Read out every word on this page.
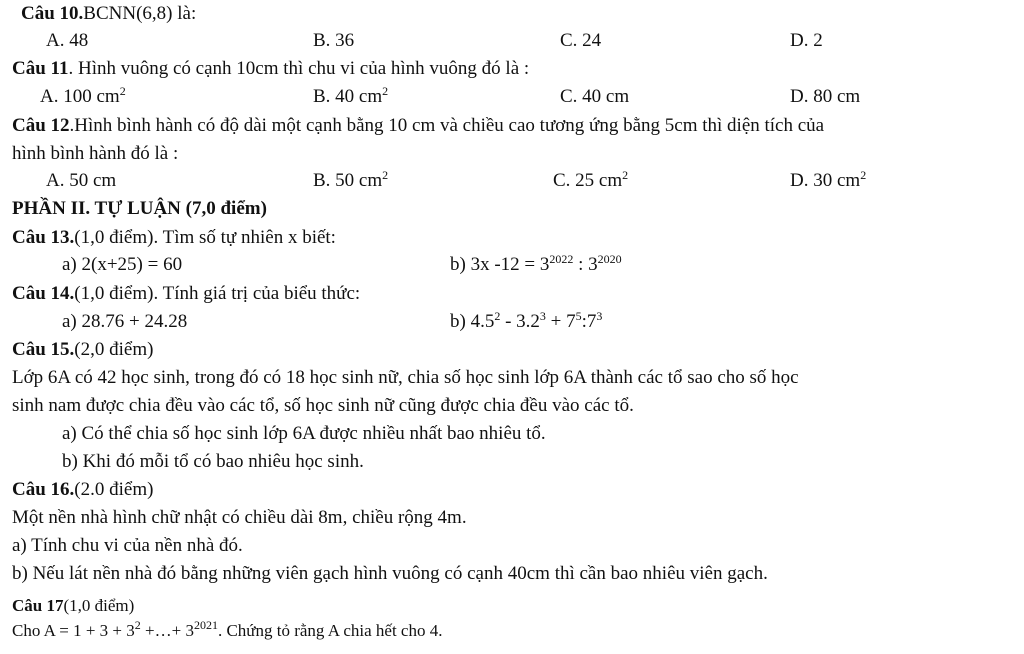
Câu 10.BCNN(6,8) là:
A. 48	B. 36	C. 24	D. 2
Câu 11. Hình vuông có cạnh 10cm thì chu vi của hình vuông đó là :
A. 100 $cm^2$	B. 40 $cm^2$	C. 40 cm	D. 80 cm
Câu 12.Hình bình hành có độ dài một cạnh bằng 10 cm và chiều cao tương ứng bằng 5cm thì diện tích của
hình bình hành đó là :
A. 50 cm	B. 50 $cm^2$	C. 25 $cm^2$	D. 30 $cm^2$
PHẦN II. TỰ LUẬN (7,0 điểm)
Câu 13.(1,0 điểm). Tìm số tự nhiên x biết:
a) 2(x+25) = 60	b) 3x $-12 = 3^{2022}$ : $3^{2020}$
Câu 14.(1,0 điểm). Tính giá trị của biểu thức:
a) 28.76 + 24.28	b) $4.5^2 - 3.2^3$ + $7^5:7^3$
Câu 15.(2,0 điểm)
Lớp 6A có 42 học sinh, trong đó có 18 học sinh nữ, chia số học sinh lớp 6A thành các tổ sao cho số học
sinh nam được chia đều vào các tổ, số học sinh nữ cũng được chia đều vào các tổ.
a) Có thể chia số học sinh lớp 6A được nhiều nhất bao nhiêu tổ.
b) Khi đó mỗi tổ có bao nhiêu học sinh.
Câu 16.(2.0 điểm)
Một nền nhà hình chữ nhật có chiều dài 8m, chiều rộng 4m.
a) Tính chu vi của nền nhà đó.
b) Nếu lát nền nhà đó bằng những viên gạch hình vuông có cạnh 40cm thì cần bao nhiêu viên gạch.
Câu 17(1,0 điểm)
Cho $A = 1 + 3 + 3^2$ +…+ $3^{2021}$. Chứng tỏ rằng A chia hết cho 4.
